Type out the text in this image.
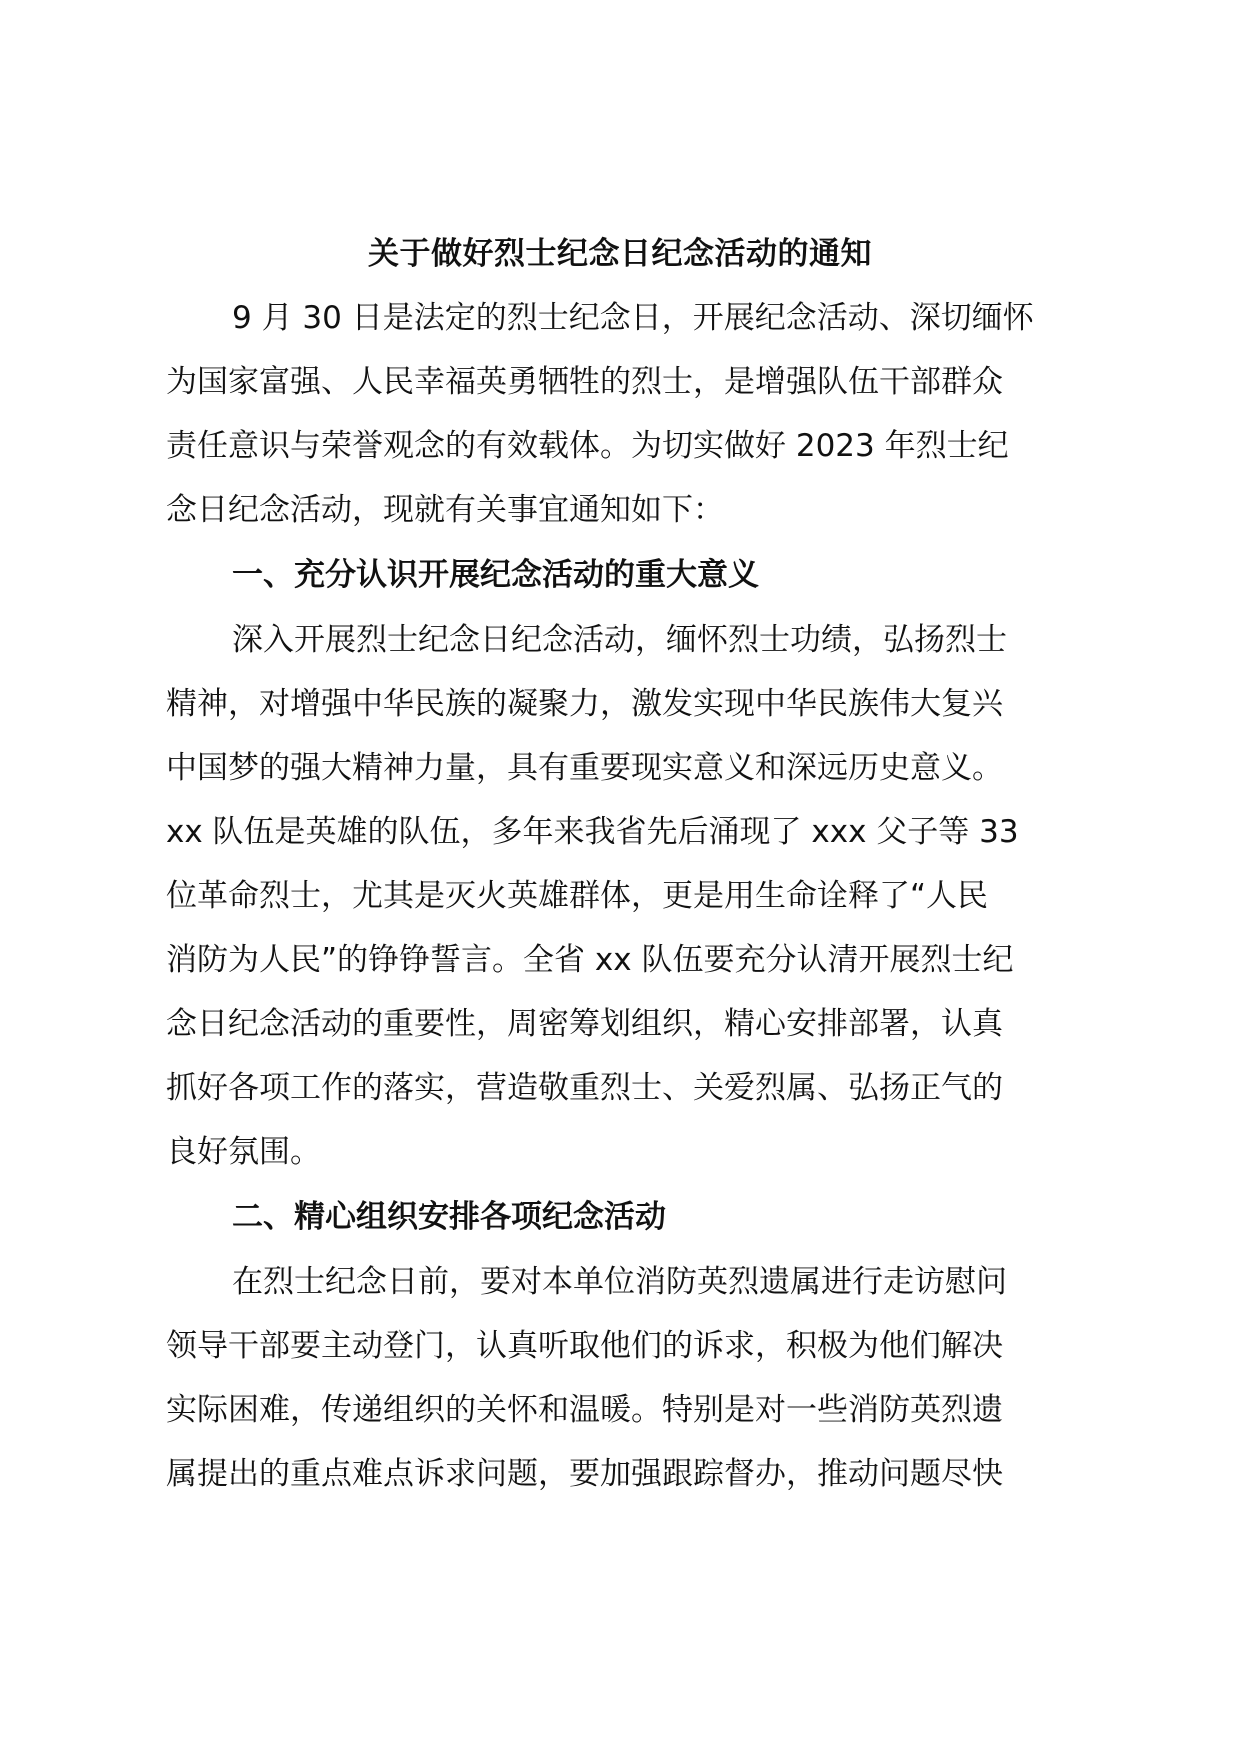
关于做好烈士纪念日纪念活动的通知
9 月 30 日是法定的烈士纪念日，开展纪念活动、深切缅怀
为国家富强、人民幸福英勇牺牲的烈士，是增强队伍干部群众
责任意识与荣誉观念的有效载体。为切实做好 2023 年烈士纪
念日纪念活动，现就有关事宜通知如下：
一、充分认识开展纪念活动的重大意义
深入开展烈士纪念日纪念活动，缅怀烈士功绩，弘扬烈士
精神，对增强中华民族的凝聚力，激发实现中华民族伟大复兴
中国梦的强大精神力量，具有重要现实意义和深远历史意义。
xx 队伍是英雄的队伍，多年来我省先后涌现了 xxx 父子等 33
位革命烈士，尤其是灭火英雄群体，更是用生命诠释了“人民
消防为人民”的铮铮誓言。全省 xx 队伍要充分认清开展烈士纪
念日纪念活动的重要性，周密筹划组织，精心安排部署，认真
抓好各项工作的落实，营造敬重烈士、关爱烈属、弘扬正气的
良好氛围。
二、精心组织安排各项纪念活动
在烈士纪念日前，要对本单位消防英烈遗属进行走访慰问
领导干部要主动登门，认真听取他们的诉求，积极为他们解决
实际困难，传递组织的关怀和温暖。特别是对一些消防英烈遗
属提出的重点难点诉求问题，要加强跟踪督办，推动问题尽快
